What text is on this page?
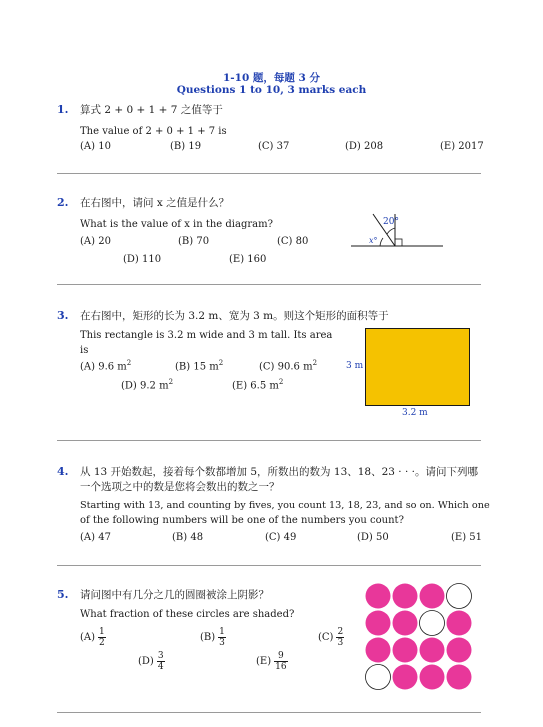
1-10 题，每题 3 分
Questions 1 to 10, 3 marks each
1. 算式 2 + 0 + 1 + 7 之值等于
The value of 2 + 0 + 1 + 7 is
(A) 10	(B) 19	(C) 37	(D) 208	(E) 2017
2. 在右图中，请问 x 之值是什么？
What is the value of x in the diagram?
(A) 20	(B) 70	(C) 80
(D) 110	(E) 160
20°
x°
3. 在右图中，矩形的长为 3.2 m、宽为 3 m。则这个矩形的面积等于
This rectangle is 3.2 m wide and 3 m tall. Its area is
(A) 9.6 $m^2$	(B) 15 $m^2$	(C) 90.6 $m^2$
(D) 9.2 $m^2$	(E) 6.5 $m^2$
3 m
3.2 m
4. 从 13 开始数起，接着每个数都增加 5，所数出的数为 13、18、23 · · ·。请问下列哪
一个选项之中的数是您将会数出的数之一？
Starting with 13, and counting by fives, you count 13, 18, 23, and so on. Which one
of the following numbers will be one of the numbers you count?
(A) 47	(B) 48	(C) 49	(D) 50	(E) 51
5. 请问图中有几分之几的圆圈被涂上阴影？
What fraction of these circles are shaded?
$(A) \frac{1}{2}$	$(B) \frac{1}{3}$	$(C) \frac{2}{3}$
$(D) \frac{3}{4}$	$(E) \frac{9}{16}$
